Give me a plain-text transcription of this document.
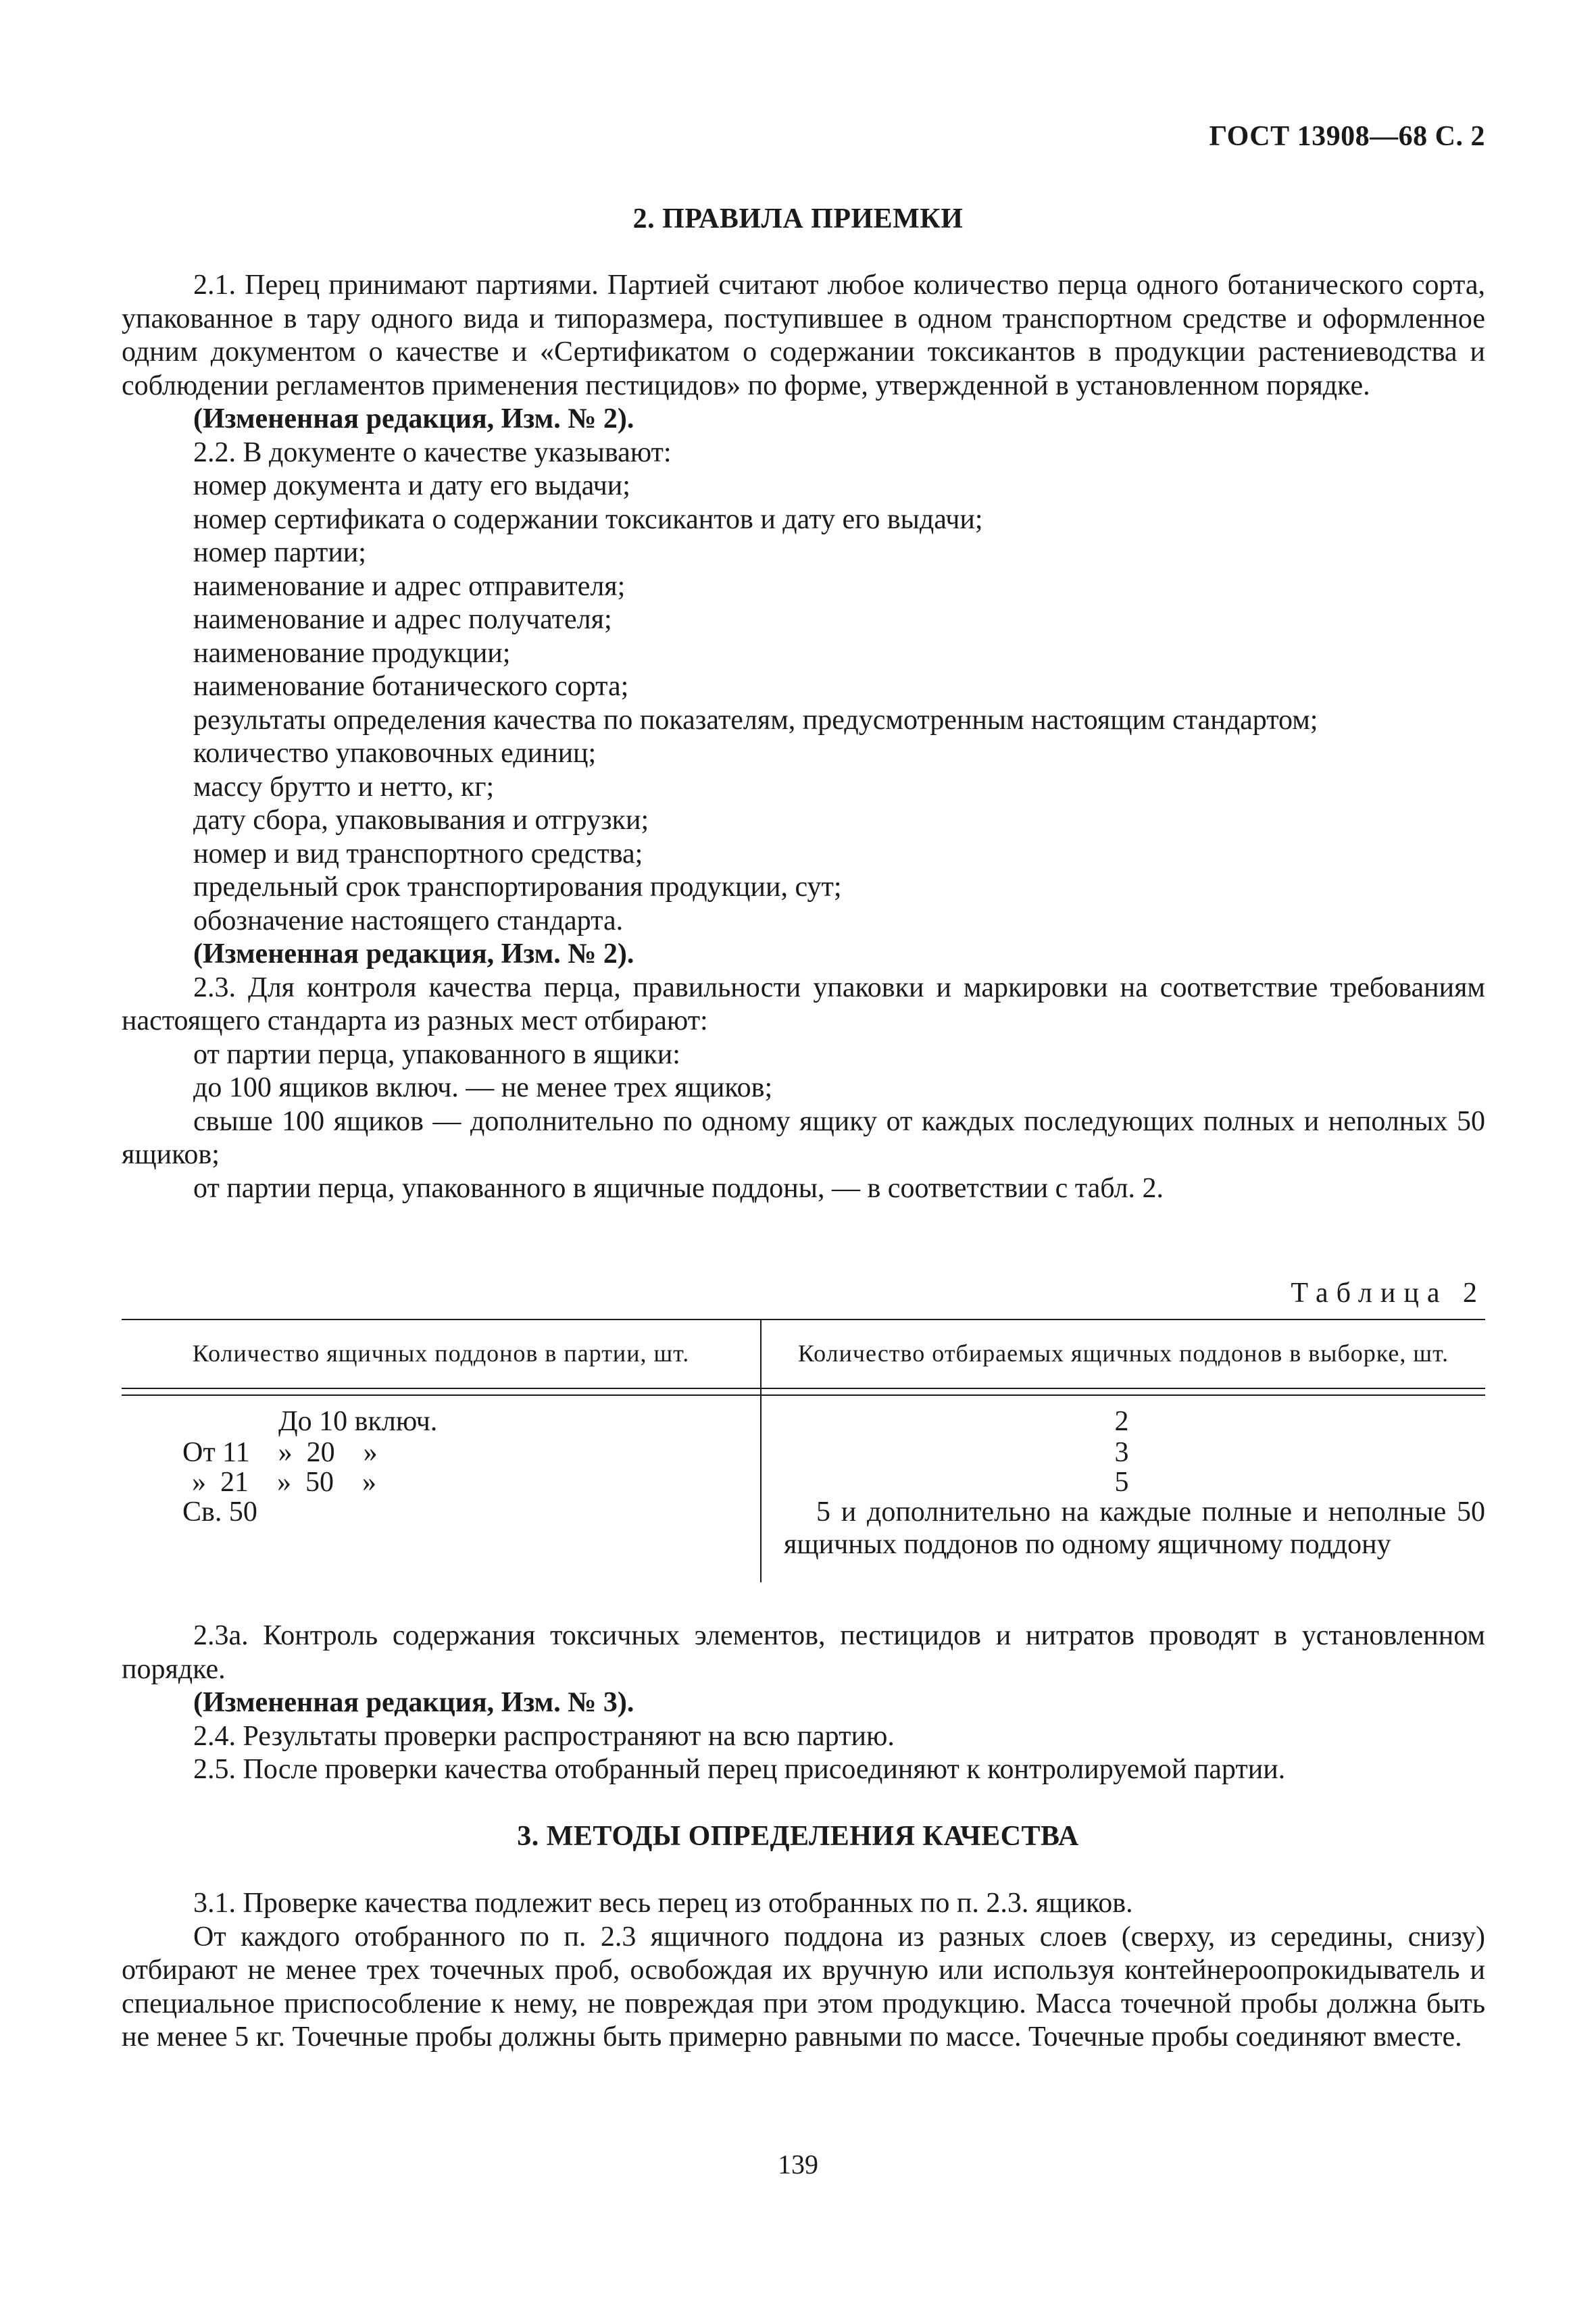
ГОСТ 13908—68 С. 2
2. ПРАВИЛА ПРИЕМКИ

2.1. Перец принимают партиями. Партией считают любое количество перца одного ботанического сорта, упакованное в тару одного вида и типоразмера, поступившее в одном транспортном средстве и оформленное одним документом о качестве и «Сертификатом о содержании токсикантов в продукции растениеводства и соблюдении регламентов применения пестицидов» по форме, утвержденной в установленном порядке.

(Измененная редакция, Изм. № 2).

2.2. В документе о качестве указывают:

номер документа и дату его выдачи;

номер сертификата о содержании токсикантов и дату его выдачи;

номер партии;

наименование и адрес отправителя;

наименование и адрес получателя;

наименование продукции;

наименование ботанического сорта;

результаты определения качества по показателям, предусмотренным настоящим стандартом;

количество упаковочных единиц;

массу брутто и нетто, кг;

дату сбора, упаковывания и отгрузки;

номер и вид транспортного средства;

предельный срок транспортирования продукции, сут;

обозначение настоящего стандарта.

(Измененная редакция, Изм. № 2).

2.3. Для контроля качества перца, правильности упаковки и маркировки на соответствие требованиям настоящего стандарта из разных мест отбирают:

от партии перца, упакованного в ящики:

до 100 ящиков включ. — не менее трех ящиков;

свыше 100 ящиков — дополнительно по одному ящику от каждых последующих полных и неполных 50 ящиков;

от партии перца, упакованного в ящичные поддоны, — в соответствии с табл. 2.

Таблица 2
Количество ящичных поддонов в партии, шт.	Количество отбираемых ящичных поддонов в выборке, шт.
До 10 включ.
От 11    »  20    »
»  21    »  50    »
Св. 50
2
3
5

5 и дополнительно на каждые полные и неполные 50 ящичных поддонов по одному ящичному поддону

2.3а. Контроль содержания токсичных элементов, пестицидов и нитратов проводят в установленном порядке.

(Измененная редакция, Изм. № 3).

2.4. Результаты проверки распространяют на всю партию.

2.5. После проверки качества отобранный перец присоединяют к контролируемой партии.

3. МЕТОДЫ ОПРЕДЕЛЕНИЯ КАЧЕСТВА

3.1. Проверке качества подлежит весь перец из отобранных по п. 2.3. ящиков.

От каждого отобранного по п. 2.3 ящичного поддона из разных слоев (сверху, из середины, снизу) отбирают не менее трех точечных проб, освобождая их вручную или используя контейнероопрокидыватель и специальное приспособление к нему, не повреждая при этом продукцию. Масса точечной пробы должна быть не менее 5 кг. Точечные пробы должны быть примерно равными по массе. Точечные пробы соединяют вместе.

139
